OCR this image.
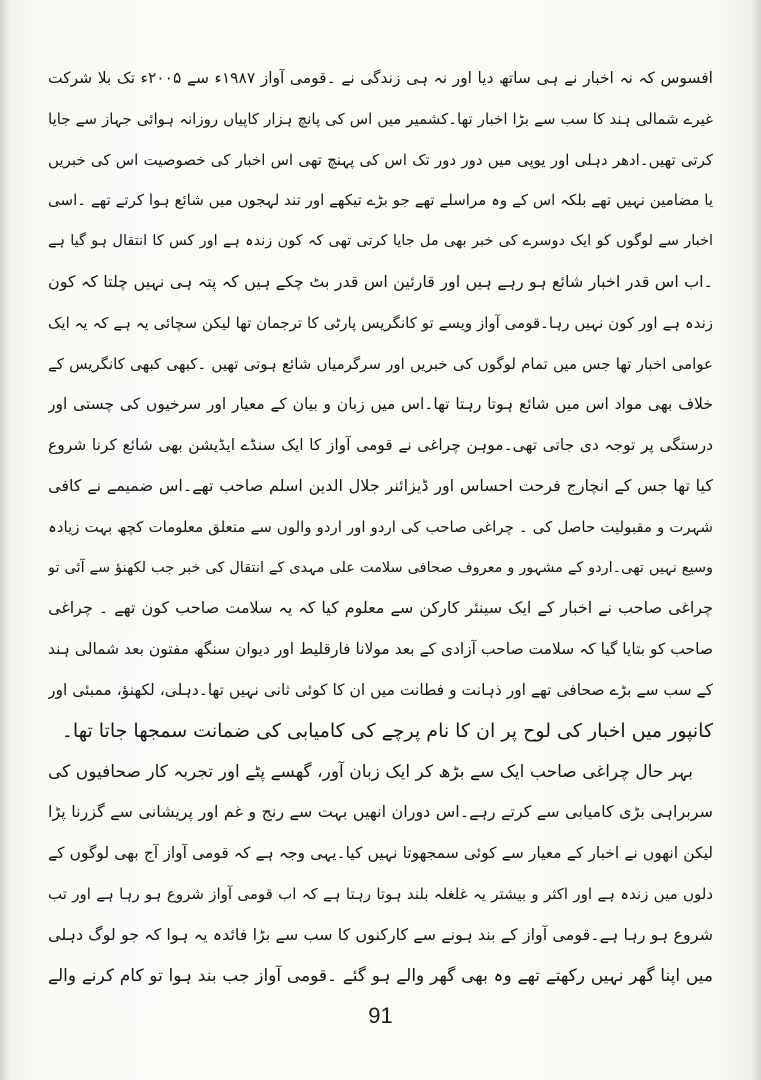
افسوس کہ نہ اخبار نے ہی ساتھ دیا اور نہ ہی زندگی نے ۔قومی آواز ۱۹۸۷ء سے ۲۰۰۵ء تک بلا شرکت
غیرے شمالی ہند کا سب سے بڑا اخبار تھا۔کشمیر میں اس کی پانچ ہزار کاپیاں روزانہ ہوائی جہاز سے جایا
کرتی تھیں۔ادھر دہلی اور یوپی میں دور دور تک اس کی پہنچ تھی اس اخبار کی خصوصیت اس کی خبریں
یا مضامین نہیں تھے بلکہ اس کے وہ مراسلے تھے جو بڑے تیکھے اور تند لہجوں میں شائع ہوا کرتے تھے ۔اسی
اخبار سے لوگوں کو ایک دوسرے کی خبر بھی مل جایا کرتی تھی کہ کون زندہ ہے اور کس کا انتقال ہو گیا ہے
۔اب اس قدر اخبار شائع ہو رہے ہیں اور قارئین اس قدر بٹ چکے ہیں کہ پتہ ہی نہیں چلتا کہ کون
زندہ ہے اور کون نہیں رہا۔قومی آواز ویسے تو کانگریس پارٹی کا ترجمان تھا لیکن سچائی یہ ہے کہ یہ ایک
عوامی اخبار تھا جس میں تمام لوگوں کی خبریں اور سرگرمیاں شائع ہوتی تھیں ۔کبھی کبھی کانگریس کے
خلاف بھی مواد اس میں شائع ہوتا رہتا تھا۔اس میں زبان و بیان کے معیار اور سرخیوں کی چستی اور
درستگی پر توجہ دی جاتی تھی۔موہن چراغی نے قومی آواز کا ایک سنڈے ایڈیشن بھی شائع کرنا شروع
کیا تھا جس کے انچارج فرحت احساس اور ڈیزائنر جلال الدین اسلم صاحب تھے۔اس ضمیمے نے کافی
شہرت و مقبولیت حاصل کی ۔ چراغی صاحب کی اردو اور اردو والوں سے متعلق معلومات کچھ بہت زیادہ
وسیع نہیں تھی۔اردو کے مشہور و معروف صحافی سلامت علی مہدی کے انتقال کی خبر جب لکھنؤ سے آئی تو
چراغی صاحب نے اخبار کے ایک سینئر کارکن سے معلوم کیا کہ یہ سلامت صاحب کون تھے ۔ چراغی
صاحب کو بتایا گیا کہ سلامت صاحب آزادی کے بعد مولانا فارقلیط اور دیوان سنگھ مفتون بعد شمالی ہند
کے سب سے بڑے صحافی تھے اور ذہانت و فطانت میں ان کا کوئی ثانی نہیں تھا۔دہلی، لکھنؤ، ممبئی اور
کانپور میں اخبار کی لوح پر ان کا نام پرچے کی کامیابی کی ضمانت سمجھا جاتا تھا۔
بہر حال چراغی صاحب ایک سے بڑھ کر ایک زبان آور، گھسے پٹے اور تجربہ کار صحافیوں کی
سربراہی بڑی کامیابی سے کرتے رہے۔اس دوران انھیں بہت سے رنج و غم اور پریشانی سے گزرنا پڑا
لیکن انھوں نے اخبار کے معیار سے کوئی سمجھوتا نہیں کیا۔یہی وجہ ہے کہ قومی آواز آج بھی لوگوں کے
دلوں میں زندہ ہے اور اکثر و بیشتر یہ غلغلہ بلند ہوتا رہتا ہے کہ اب قومی آواز شروع ہو رہا ہے اور تب
شروع ہو رہا ہے۔قومی آواز کے بند ہونے سے کارکنوں کا سب سے بڑا فائدہ یہ ہوا کہ جو لوگ دہلی
میں اپنا گھر نہیں رکھتے تھے وہ بھی گھر والے ہو گئے ۔قومی آواز جب بند ہوا تو کام کرنے والے
91
